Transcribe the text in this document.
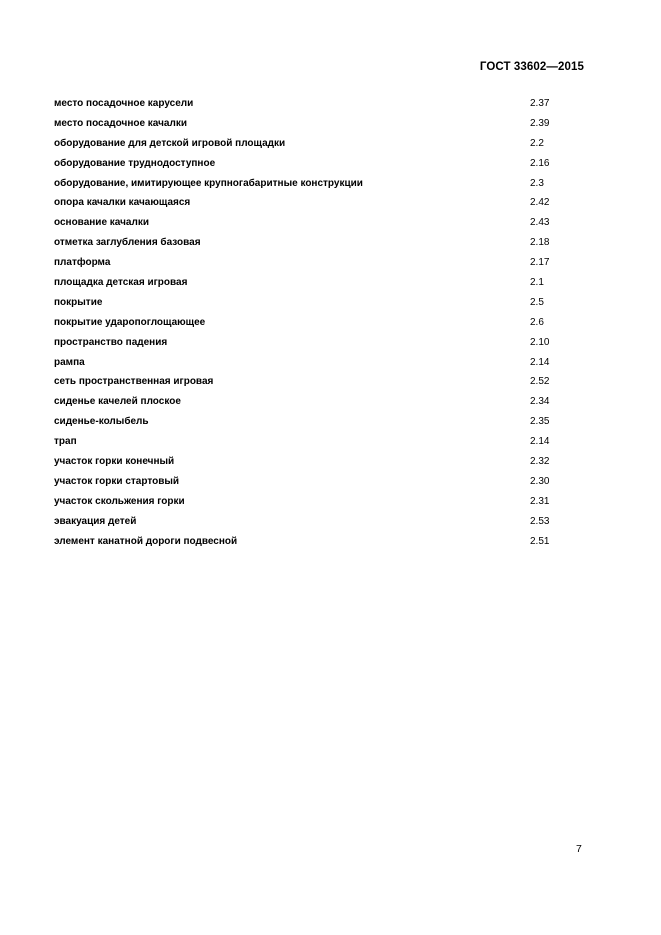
ГОСТ 33602—2015
место посадочное карусели	2.37
место посадочное качалки	2.39
оборудование для детской игровой площадки	2.2
оборудование труднодоступное	2.16
оборудование, имитирующее крупногабаритные конструкции	2.3
опора качалки качающаяся	2.42
основание качалки	2.43
отметка заглубления базовая	2.18
платформа	2.17
площадка детская игровая	2.1
покрытие	2.5
покрытие ударопоглощающее	2.6
пространство падения	2.10
рампа	2.14
сеть пространственная игровая	2.52
сиденье качелей плоское	2.34
сиденье-колыбель	2.35
трап	2.14
участок горки конечный	2.32
участок горки стартовый	2.30
участок скольжения горки	2.31
эвакуация детей	2.53
элемент канатной дороги подвесной	2.51
7
